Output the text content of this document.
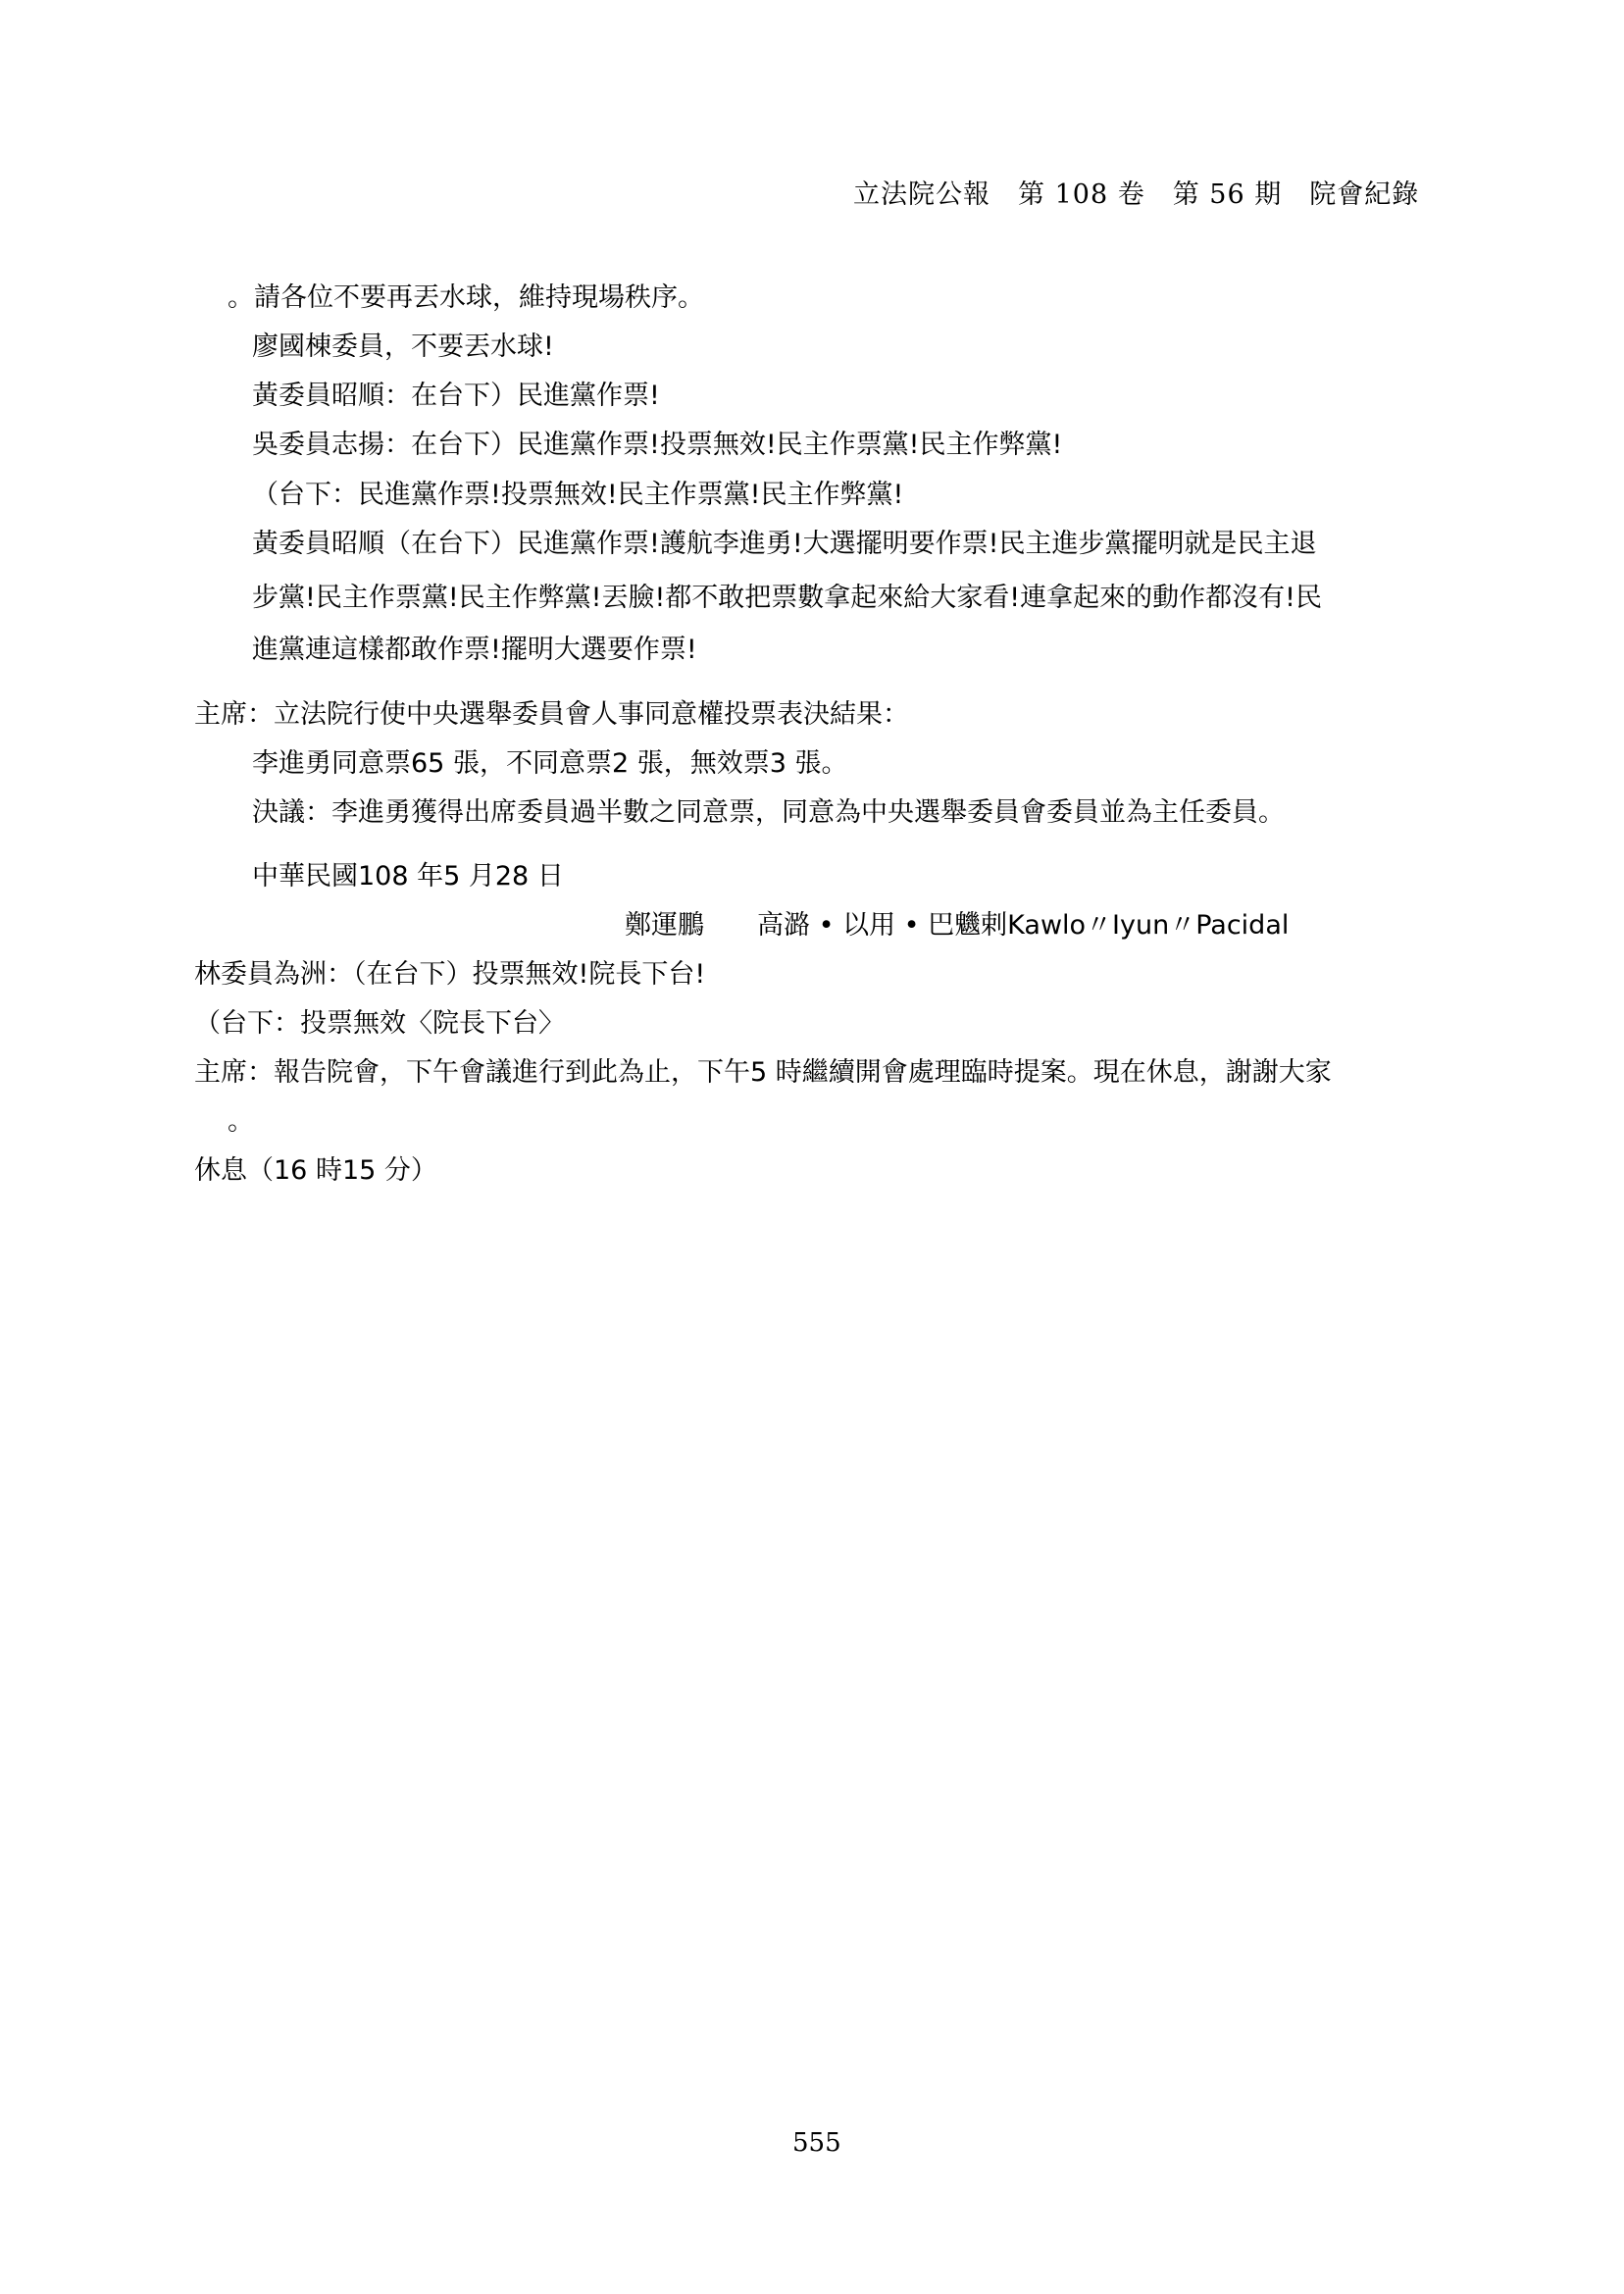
立法院公報　第 108 卷　第 56 期　院會紀錄
。請各位不要再丟水球，維持現場秩序。
廖國棟委員，不要丟水球!
黃委員昭順：在台下）民進黨作票!
吳委員志揚：在台下）民進黨作票!投票無效!民主作票黨!民主作弊黨!
（台下：民進黨作票!投票無效!民主作票黨!民主作弊黨!
黃委員昭順（在台下）民進黨作票!護航李進勇!大選擺明要作票!民主進步黨擺明就是民主退
步黨!民主作票黨!民主作弊黨!丟臉!都不敢把票數拿起來給大家看!連拿起來的動作都沒有!民
進黨連這樣都敢作票!擺明大選要作票!
主席：立法院行使中央選舉委員會人事同意權投票表決結果：
李進勇同意票65 張，不同意票2 張，無效票3 張。
決議：李進勇獲得出席委員過半數之同意票，同意為中央選舉委員會委員並為主任委員。
中華民國108 年5 月28 日
鄭運鵬　　高潞 • 以用 • 巴魕剌Kawlo〃Iyun〃Pacidal
林委員為洲：（在台下）投票無效!院長下台!
（台下：投票無效〈院長下台〉
主席：報告院會，下午會議進行到此為止，下午5 時繼續開會處理臨時提案。現在休息，謝謝大家
。
休息（16 時15 分）
555
